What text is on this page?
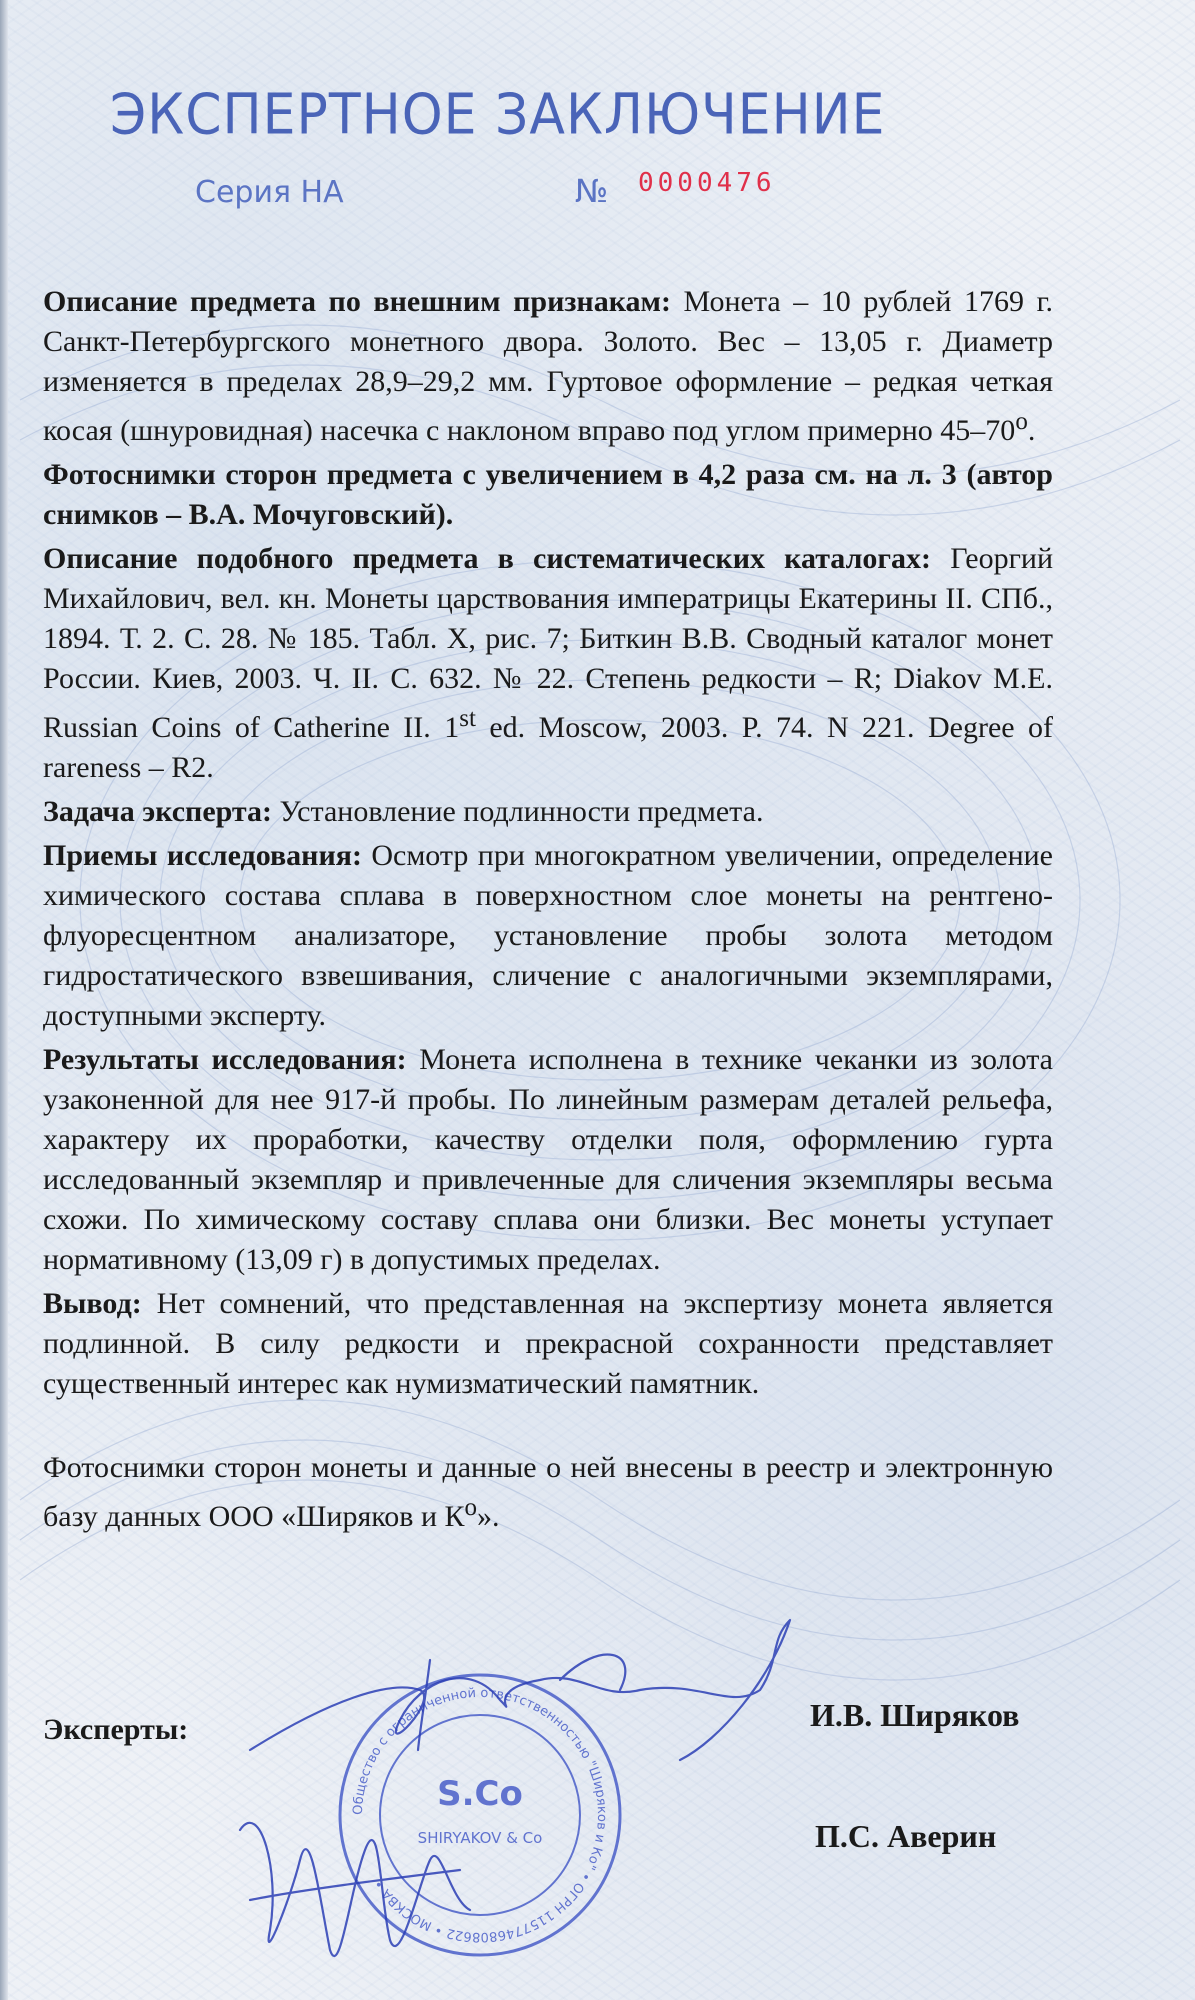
ЭКСПЕРТНОЕ ЗАКЛЮЧЕНИЕ
Серия НА	№ 0000476

Описание предмета по внешним признакам: Монета – 10 рублей 1769 г. Санкт-Петербургского монетного двора. Золото. Вес – 13,05 г. Диаметр изменяется в пределах 28,9–29,2 мм. Гуртовое оформление – редкая четкая косая (шнуровидная) насечка с наклоном вправо под углом примерно $45-70^о$.

Фотоснимки сторон предмета с увеличением в 4,2 раза см. на л. 3 (автор снимков – В.А. Мочуговский).

Описание подобного предмета в систематических каталогах: Георгий Михайлович, вел. кн. Монеты царствования императрицы Екатерины II. СПб., 1894. Т. 2. С. 28. № 185. Табл. X, рис. 7; Биткин В.В. Сводный каталог монет России. Киев, 2003. Ч. II. С. 632. № 22. Степень редкости – R; Diakov M.E. Russian Coins of Catherine II. 1st ed. Moscow, 2003. P. 74. N 221. Degree of rareness – R2.

Задача эксперта: Установление подлинности предмета.

Приемы исследования: Осмотр при многократном увеличении, определение химического состава сплава в поверхностном слое монеты на рентгено-флуоресцентном анализаторе, установление пробы золота методом гидростатического взвешивания, сличение с аналогичными экземплярами, доступными эксперту.

Результаты исследования: Монета исполнена в технике чеканки из золота узаконенной для нее 917-й пробы. По линейным размерам деталей рельефа, характеру их проработки, качеству отделки поля, оформлению гурта исследованный экземпляр и привлеченные для сличения экземпляры весьма схожи. По химическому составу сплава они близки. Вес монеты уступает нормативному (13,09 г) в допустимых пределах.

Вывод: Нет сомнений, что представленная на экспертизу монета является подлинной. В силу редкости и прекрасной сохранности представляет существенный интерес как нумизматический памятник.

Фотоснимки сторон монеты и данные о ней внесены в реестр и электронную базу данных ООО «Ширяков и $К^о$».

Эксперты:	И.В. Ширяков
П.С. Аверин
Общество с ограниченной ответственностью "Ширяков и Ко" • ОГРН 1157746808622 • МОСКВА •
S.Co
SHIRYAKOV & Co
